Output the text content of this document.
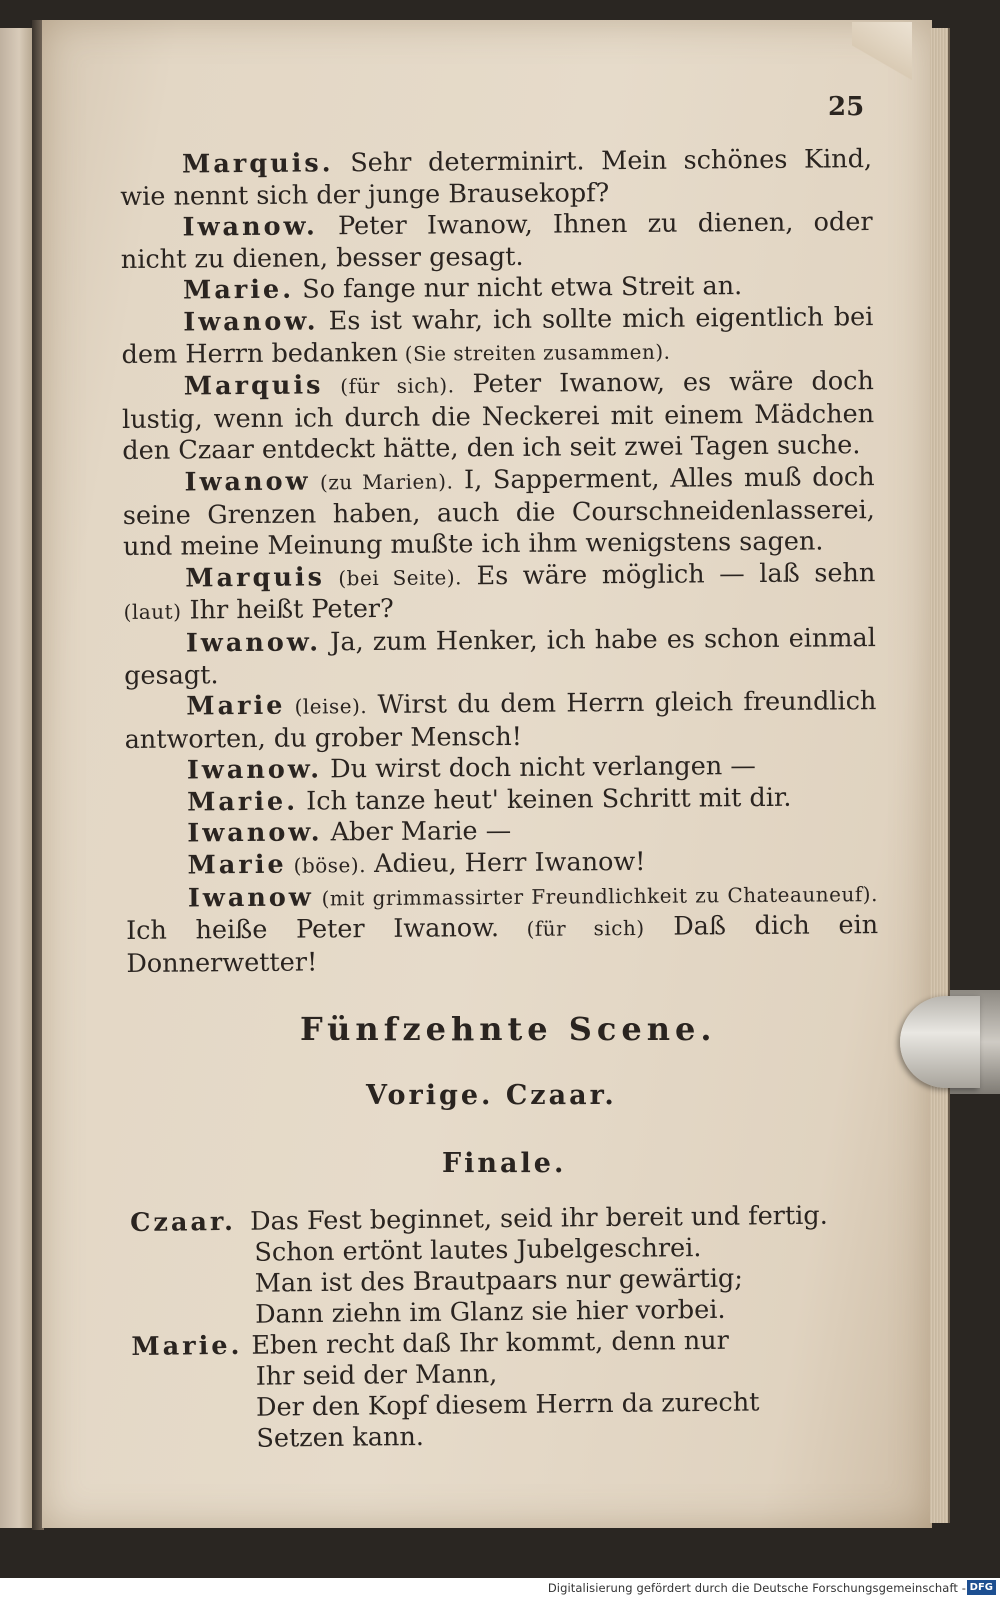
25

Marquis. Sehr determinirt. Mein schönes Kind, wie nennt sich der junge Brausekopf?

Iwanow. Peter Iwanow, Ihnen zu dienen, oder nicht zu dienen, besser gesagt.

Marie. So fange nur nicht etwa Streit an.

Iwanow. Es ist wahr, ich sollte mich eigentlich bei dem Herrn bedanken (Sie streiten zusammen).

Marquis (für sich). Peter Iwanow, es wäre doch lustig, wenn ich durch die Neckerei mit einem Mädchen den Czaar entdeckt hätte, den ich seit zwei Tagen suche.

Iwanow (zu Marien). I, Sapperment, Alles muß doch seine Grenzen haben, auch die Courschneidenlasserei, und meine Meinung mußte ich ihm wenigstens sagen.

Marquis (bei Seite). Es wäre möglich — laß sehn (laut) Ihr heißt Peter?

Iwanow. Ja, zum Henker, ich habe es schon einmal gesagt.

Marie (leise). Wirst du dem Herrn gleich freundlich antworten, du grober Mensch!

Iwanow. Du wirst doch nicht verlangen —

Marie. Ich tanze heut' keinen Schritt mit dir.

Iwanow. Aber Marie —

Marie (böse). Adieu, Herr Iwanow!

Iwanow (mit grimmassirter Freundlichkeit zu Chateauneuf). Ich heiße Peter Iwanow. (für sich) Daß dich ein Donnerwetter!

Fünfzehnte Scene.
Vorige. Czaar.
Finale.

Czaar. Das Fest beginnet, seid ihr bereit und fertig.

Schon ertönt lautes Jubelgeschrei.

Man ist des Brautpaars nur gewärtig;

Dann ziehn im Glanz sie hier vorbei.

Marie. Eben recht daß Ihr kommt, denn nur

Ihr seid der Mann,

Der den Kopf diesem Herrn da zurecht

Setzen kann.

Digitalisierung gefördert durch die Deutsche Forschungsgemeinschaft - DFG
